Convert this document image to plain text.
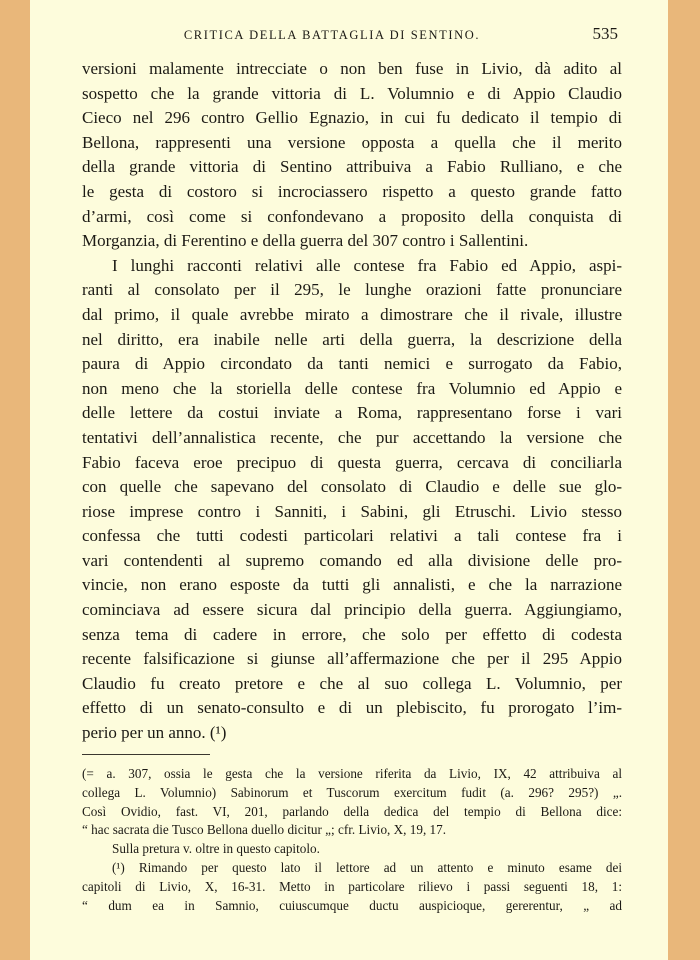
CRITICA DELLA BATTAGLIA DI SENTINO.	535
versioni malamente intrecciate o non ben fuse in Livio, dà adito al
sospetto che la grande vittoria di L. Volumnio e di Appio Claudio
Cieco nel 296 contro Gellio Egnazio, in cui fu dedicato il tempio di
Bellona, rappresenti una versione opposta a quella che il merito
della grande vittoria di Sentino attribuiva a Fabio Rulliano, e che
le gesta di costoro si incrociassero rispetto a questo grande fatto
d’armi, così come si confondevano a proposito della conquista di
Morganzia, di Ferentino e della guerra del 307 contro i Sallentini.
I lunghi racconti relativi alle contese fra Fabio ed Appio, aspi-
ranti al consolato per il 295, le lunghe orazioni fatte pronunciare
dal primo, il quale avrebbe mirato a dimostrare che il rivale, illustre
nel diritto, era inabile nelle arti della guerra, la descrizione della
paura di Appio circondato da tanti nemici e surrogato da Fabio,
non meno che la storiella delle contese fra Volumnio ed Appio e
delle lettere da costui inviate a Roma, rappresentano forse i vari
tentativi dell’annalistica recente, che pur accettando la versione che
Fabio faceva eroe precipuo di questa guerra, cercava di conciliarla
con quelle che sapevano del consolato di Claudio e delle sue glo-
riose imprese contro i Sanniti, i Sabini, gli Etruschi. Livio stesso
confessa che tutti codesti particolari relativi a tali contese fra i
vari contendenti al supremo comando ed alla divisione delle pro-
vincie, non erano esposte da tutti gli annalisti, e che la narrazione
cominciava ad essere sicura dal principio della guerra. Aggiungiamo,
senza tema di cadere in errore, che solo per effetto di codesta
recente falsificazione si giunse all’affermazione che per il 295 Appio
Claudio fu creato pretore e che al suo collega L. Volumnio, per
effetto di un senato-consulto e di un plebiscito, fu prorogato l’im-
perio per un anno. (¹)
(= a. 307, ossia le gesta che la versione riferita da Livio, IX, 42 attribuiva al
collega L. Volumnio) Sabinorum et Tuscorum exercitum fudit (a. 296? 295?) „.
Così Ovidio, fast. VI, 201, parlando della dedica del tempio di Bellona dice:
“ hac sacrata die Tusco Bellona duello dicitur „; cfr. Livio, X, 19, 17.
Sulla pretura v. oltre in questo capitolo.
(¹) Rimando per questo lato il lettore ad un attento e minuto esame dei
capitoli di Livio, X, 16-31. Metto in particolare rilievo i passi seguenti 18, 1:
“ dum ea in Samnio, cuiuscumque ductu auspicioque, gererentur, „ ad
